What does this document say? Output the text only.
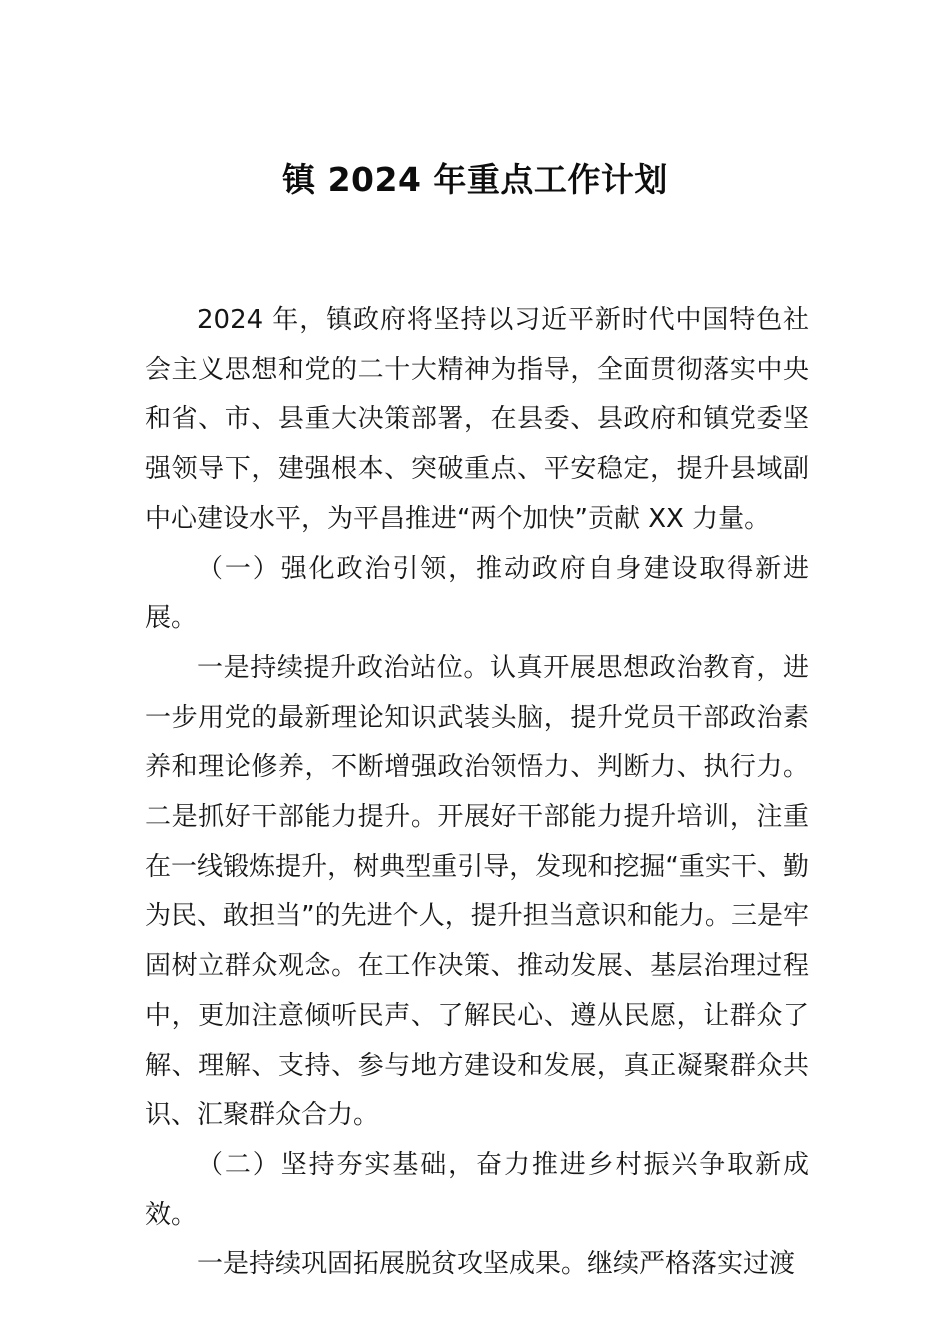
镇 2024 年重点工作计划

2024 年，镇政府将坚持以习近平新时代中国特色社会主义思想和党的二十大精神为指导，全面贯彻落实中央和省、市、县重大决策部署，在县委、县政府和镇党委坚强领导下，建强根本、突破重点、平安稳定，提升县域副中心建设水平，为平昌推进“两个加快”贡献 XX 力量。

（一）强化政治引领，推动政府自身建设取得新进展。

一是持续提升政治站位。认真开展思想政治教育，进一步用党的最新理论知识武装头脑，提升党员干部政治素养和理论修养，不断增强政治领悟力、判断力、执行力。二是抓好干部能力提升。开展好干部能力提升培训，注重在一线锻炼提升，树典型重引导，发现和挖掘“重实干、勤为民、敢担当”的先进个人，提升担当意识和能力。三是牢固树立群众观念。在工作决策、推动发展、基层治理过程中，更加注意倾听民声、了解民心、遵从民愿，让群众了解、理解、支持、参与地方建设和发展，真正凝聚群众共识、汇聚群众合力。

（二）坚持夯实基础，奋力推进乡村振兴争取新成效。

一是持续巩固拓展脱贫攻坚成果。继续严格落实过渡
